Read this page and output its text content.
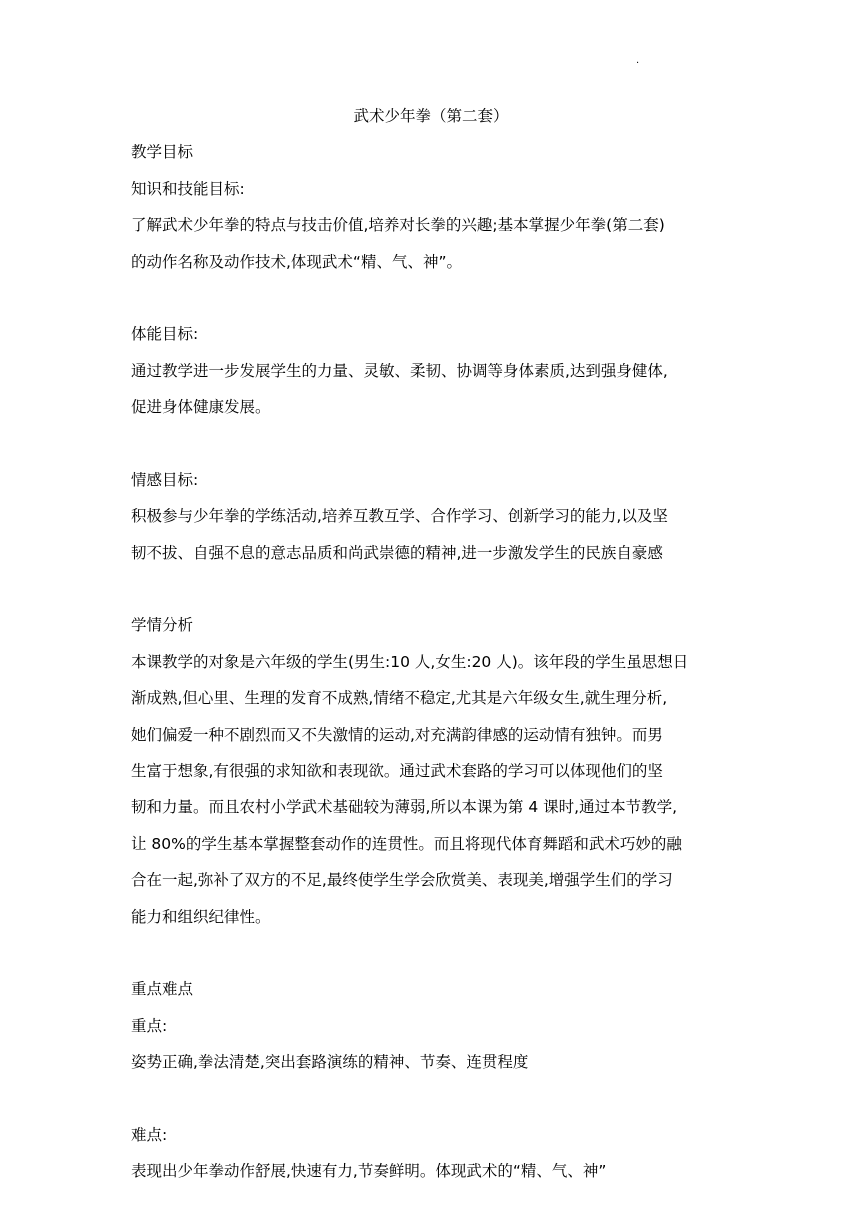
.
武术少年拳（第二套）
教学目标
知识和技能目标:
了解武术少年拳的特点与技击价值,培养对长拳的兴趣;基本掌握少年拳(第二套)
的动作名称及动作技术,体现武术“精、气、神”。
体能目标:
通过教学进一步发展学生的力量、灵敏、柔韧、协调等身体素质,达到强身健体,
促进身体健康发展。
情感目标:
积极参与少年拳的学练活动,培养互教互学、合作学习、创新学习的能力,以及坚
韧不拔、自强不息的意志品质和尚武崇德的精神,进一步激发学生的民族自豪感
学情分析
本课教学的对象是六年级的学生(男生:10 人,女生:20 人)。该年段的学生虽思想日
渐成熟,但心里、生理的发育不成熟,情绪不稳定,尤其是六年级女生,就生理分析,
她们偏爱一种不剧烈而又不失激情的运动,对充满韵律感的运动情有独钟。而男
生富于想象,有很强的求知欲和表现欲。通过武术套路的学习可以体现他们的坚
韧和力量。而且农村小学武术基础较为薄弱,所以本课为第 4 课时,通过本节教学,
让 80%的学生基本掌握整套动作的连贯性。而且将现代体育舞蹈和武术巧妙的融
合在一起,弥补了双方的不足,最终使学生学会欣赏美、表现美,增强学生们的学习
能力和组织纪律性。
重点难点
重点:
姿势正确,拳法清楚,突出套路演练的精神、节奏、连贯程度
难点:
表现出少年拳动作舒展,快速有力,节奏鲜明。体现武术的“精、气、神”
